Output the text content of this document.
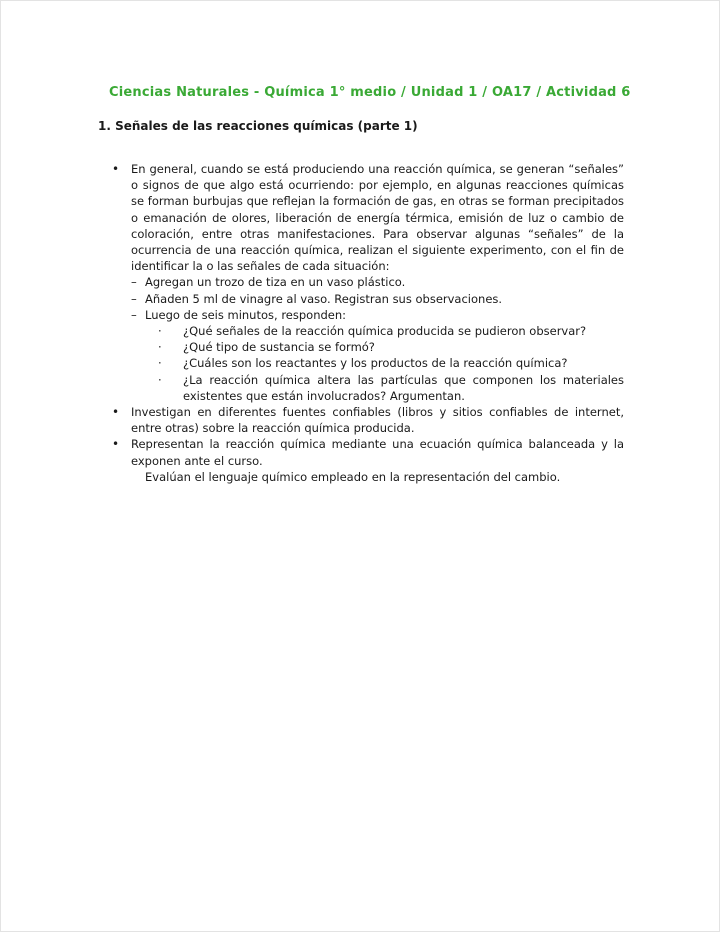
Ciencias Naturales - Química 1° medio / Unidad 1 / OA17 / Actividad 6
1. Señales de las reacciones químicas (parte 1)
•	En general, cuando se está produciendo una reacción química, se generan “señales” o signos de que algo está ocurriendo: por ejemplo, en algunas reacciones químicas se forman burbujas que reflejan la formación de gas, en otras se forman precipitados o emanación de olores, liberación de energía térmica, emisión de luz o cambio de coloración, entre otras manifestaciones. Para observar algunas “señales” de la ocurrencia de una reacción química, realizan el siguiente experimento, con el fin de identificar la o las señales de cada situación:
– Agregan un trozo de tiza en un vaso plástico.
– Añaden 5 ml de vinagre al vaso. Registran sus observaciones.
– Luego de seis minutos, responden:
·	¿Qué señales de la reacción química producida se pudieron observar?
·	¿Qué tipo de sustancia se formó?
·	¿Cuáles son los reactantes y los productos de la reacción química?
·	¿La reacción química altera las partículas que componen los materiales existentes que están involucrados? Argumentan.
•	Investigan en diferentes fuentes confiables (libros y sitios confiables de internet, entre otras) sobre la reacción química producida.
•	Representan la reacción química mediante una ecuación química balanceada y la exponen ante el curso.
Evalúan el lenguaje químico empleado en la representación del cambio.
